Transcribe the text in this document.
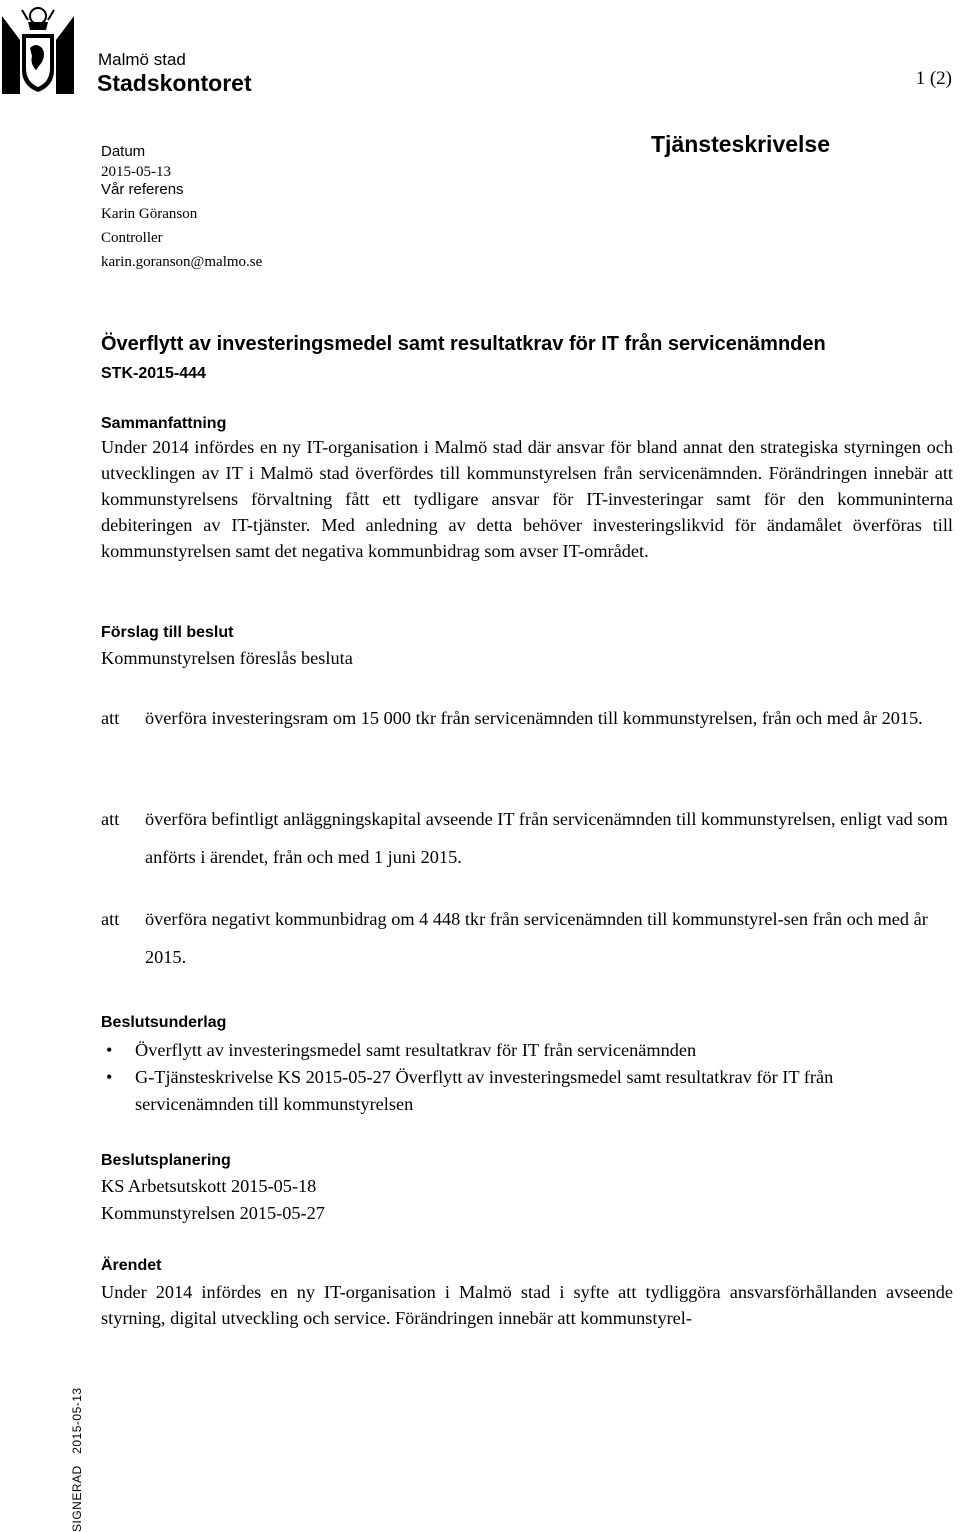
Malmö stad
Stadskontoret	1 (2)
Datum
2015-05-13
Vår referens
Karin Göranson
Controller
karin.goranson@malmo.se
Tjänsteskrivelse
Överflytt av investeringsmedel samt resultatkrav för IT från servicenämnden
STK-2015-444
Sammanfattning
Under 2014 infördes en ny IT-organisation i Malmö stad där ansvar för bland annat den strategiska styrningen och utvecklingen av IT i Malmö stad överfördes till kommunstyrelsen från servicenämnden. Förändringen innebär att kommunstyrelsens förvaltning fått ett tydligare ansvar för IT-investeringar samt för den kommuninterna debiteringen av IT-tjänster. Med anledning av detta behöver investeringslikvid för ändamålet överföras till kommunstyrelsen samt det negativa kommunbidrag som avser IT-området.
Förslag till beslut
Kommunstyrelsen föreslås besluta
att överföra investeringsram om 15 000 tkr från servicenämnden till kommunstyrelsen, från och med år 2015.
att överföra befintligt anläggningskapital avseende IT från servicenämnden till kommunstyrelsen, enligt vad som anförts i ärendet, från och med 1 juni 2015.
att överföra negativt kommunbidrag om 4 448 tkr från servicenämnden till kommunstyrel-sen från och med år 2015.
Beslutsunderlag
• Överflytt av investeringsmedel samt resultatkrav för IT från servicenämnden
• G-Tjänsteskrivelse KS 2015-05-27 Överflytt av investeringsmedel samt resultatkrav för IT från servicenämnden till kommunstyrelsen
Beslutsplanering
KS Arbetsutskott 2015-05-18
Kommunstyrelsen 2015-05-27
Ärendet
Under 2014 infördes en ny IT-organisation i Malmö stad i syfte att tydliggöra ansvarsförhållanden avseende styrning, digital utveckling och service. Förändringen innebär att kommunstyrel-
SIGNERAD   2015-05-13
